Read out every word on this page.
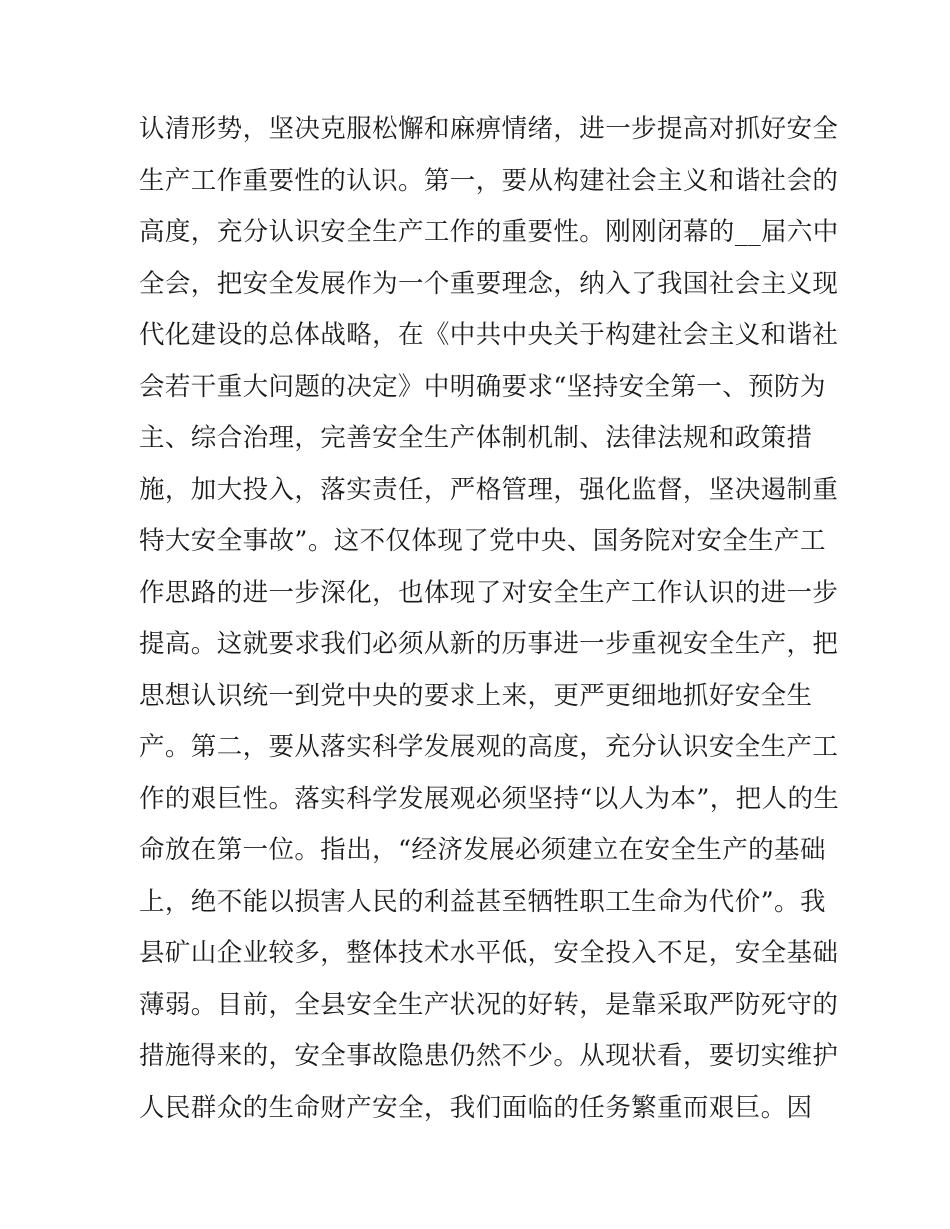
认清形势，坚决克服松懈和麻痹情绪，进一步提高对抓好安全
生产工作重要性的认识。第一，要从构建社会主义和谐社会的
高度，充分认识安全生产工作的重要性。刚刚闭幕的__届六中
全会，把安全发展作为一个重要理念，纳入了我国社会主义现
代化建设的总体战略，在《中共中央关于构建社会主义和谐社
会若干重大问题的决定》中明确要求“坚持安全第一、预防为
主、综合治理，完善安全生产体制机制、法律法规和政策措
施，加大投入，落实责任，严格管理，强化监督，坚决遏制重
特大安全事故”。这不仅体现了党中央、国务院对安全生产工
作思路的进一步深化，也体现了对安全生产工作认识的进一步
提高。这就要求我们必须从新的历事进一步重视安全生产，把
思想认识统一到党中央的要求上来，更严更细地抓好安全生
产。第二，要从落实科学发展观的高度，充分认识安全生产工
作的艰巨性。落实科学发展观必须坚持“以人为本”，把人的生
命放在第一位。指出，“经济发展必须建立在安全生产的基础
上，绝不能以损害人民的利益甚至牺牲职工生命为代价”。我
县矿山企业较多，整体技术水平低，安全投入不足，安全基础
薄弱。目前，全县安全生产状况的好转，是靠采取严防死守的
措施得来的，安全事故隐患仍然不少。从现状看，要切实维护
人民群众的生命财产安全，我们面临的任务繁重而艰巨。因
